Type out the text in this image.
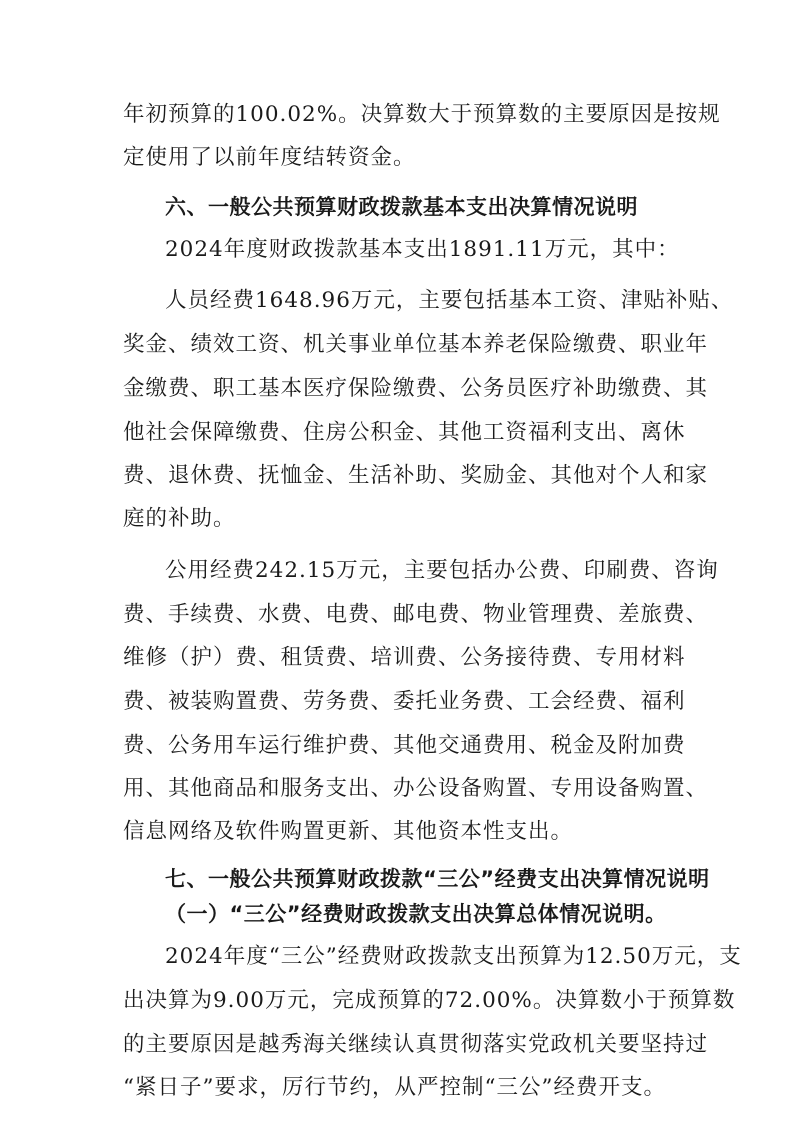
年初预算的100.02%。决算数大于预算数的主要原因是按规
定使用了以前年度结转资金。
六、一般公共预算财政拨款基本支出决算情况说明
2024年度财政拨款基本支出1891.11万元，其中：
人员经费1648.96万元，主要包括基本工资、津贴补贴、
奖金、绩效工资、机关事业单位基本养老保险缴费、职业年
金缴费、职工基本医疗保险缴费、公务员医疗补助缴费、其
他社会保障缴费、住房公积金、其他工资福利支出、离休
费、退休费、抚恤金、生活补助、奖励金、其他对个人和家
庭的补助。
公用经费242.15万元，主要包括办公费、印刷费、咨询
费、手续费、水费、电费、邮电费、物业管理费、差旅费、
维修（护）费、租赁费、培训费、公务接待费、专用材料
费、被装购置费、劳务费、委托业务费、工会经费、福利
费、公务用车运行维护费、其他交通费用、税金及附加费
用、其他商品和服务支出、办公设备购置、专用设备购置、
信息网络及软件购置更新、其他资本性支出。
七、一般公共预算财政拨款“三公”经费支出决算情况说明
（一）“三公”经费财政拨款支出决算总体情况说明。
2024年度“三公”经费财政拨款支出预算为12.50万元，支
出决算为9.00万元，完成预算的72.00%。决算数小于预算数
的主要原因是越秀海关继续认真贯彻落实党政机关要坚持过
“紧日子”要求，厉行节约，从严控制“三公”经费开支。
